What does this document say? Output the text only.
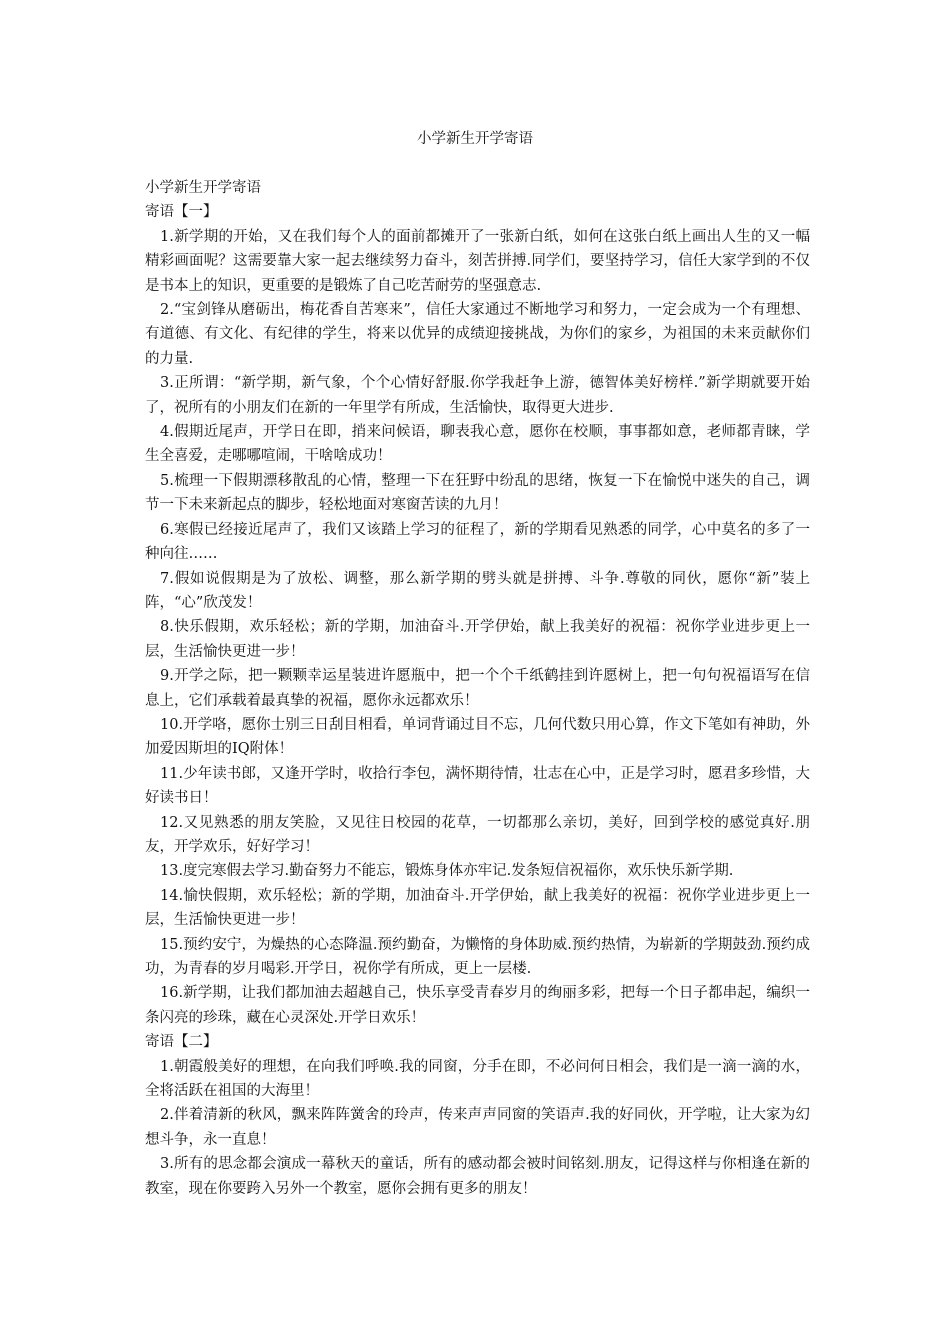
小学新生开学寄语

小学新生开学寄语

寄语【一】

1.新学期的开始，又在我们每个人的面前都摊开了一张新白纸，如何在这张白纸上画出人生的又一幅精彩画面呢？这需要靠大家一起去继续努力奋斗，刻苦拼搏.同学们，要坚持学习，信任大家学到的不仅是书本上的知识，更重要的是锻炼了自己吃苦耐劳的坚强意志.

2.“宝剑锋从磨砺出，梅花香自苦寒来”，信任大家通过不断地学习和努力，一定会成为一个有理想、有道德、有文化、有纪律的学生，将来以优异的成绩迎接挑战，为你们的家乡，为祖国的未来贡献你们的力量.

3.正所谓：“新学期，新气象，个个心情好舒服.你学我赶争上游，德智体美好榜样.”新学期就要开始了，祝所有的小朋友们在新的一年里学有所成，生活愉快，取得更大进步.

4.假期近尾声，开学日在即，捎来问候语，聊表我心意，愿你在校顺，事事都如意，老师都青睐，学生全喜爱，走哪哪喧闹，干啥啥成功！

5.梳理一下假期漂移散乱的心情，整理一下在狂野中纷乱的思绪，恢复一下在愉悦中迷失的自己，调节一下未来新起点的脚步，轻松地面对寒窗苦读的九月！

6.寒假已经接近尾声了，我们又该踏上学习的征程了，新的学期看见熟悉的同学，心中莫名的多了一种向往……

7.假如说假期是为了放松、调整，那么新学期的劈头就是拼搏、斗争.尊敬的同伙，愿你“新”装上阵，“心”欣茂发！

8.快乐假期，欢乐轻松；新的学期，加油奋斗.开学伊始，献上我美好的祝福：祝你学业进步更上一层，生活愉快更进一步！

9.开学之际，把一颗颗幸运星装进许愿瓶中，把一个个千纸鹤挂到许愿树上，把一句句祝福语写在信息上，它们承载着最真挚的祝福，愿你永远都欢乐！

10.开学咯，愿你士别三日刮目相看，单词背诵过目不忘，几何代数只用心算，作文下笔如有神助，外加爱因斯坦的IQ附体！

11.少年读书郎，又逢开学时，收拾行李包，满怀期待情，壮志在心中，正是学习时，愿君多珍惜，大好读书日！

12.又见熟悉的朋友笑脸，又见往日校园的花草，一切都那么亲切，美好，回到学校的感觉真好.朋友，开学欢乐，好好学习！

13.度完寒假去学习.勤奋努力不能忘，锻炼身体亦牢记.发条短信祝福你，欢乐快乐新学期.

14.愉快假期，欢乐轻松；新的学期，加油奋斗.开学伊始，献上我美好的祝福：祝你学业进步更上一层，生活愉快更进一步！

15.预约安宁，为燥热的心态降温.预约勤奋，为懒惰的身体助威.预约热情，为崭新的学期鼓劲.预约成功，为青春的岁月喝彩.开学日，祝你学有所成，更上一层楼.

16.新学期，让我们都加油去超越自己，快乐享受青春岁月的绚丽多彩，把每一个日子都串起，编织一条闪亮的珍珠，藏在心灵深处.开学日欢乐！

寄语【二】

1.朝霞般美好的理想，在向我们呼唤.我的同窗，分手在即，不必问何日相会，我们是一滴一滴的水，全将活跃在祖国的大海里！

2.伴着清新的秋风，飘来阵阵黉舍的玲声，传来声声同窗的笑语声.我的好同伙，开学啦，让大家为幻想斗争，永一直息！

3.所有的思念都会演成一幕秋天的童话，所有的感动都会被时间铭刻.朋友，记得这样与你相逢在新的教室，现在你要跨入另外一个教室，愿你会拥有更多的朋友！
